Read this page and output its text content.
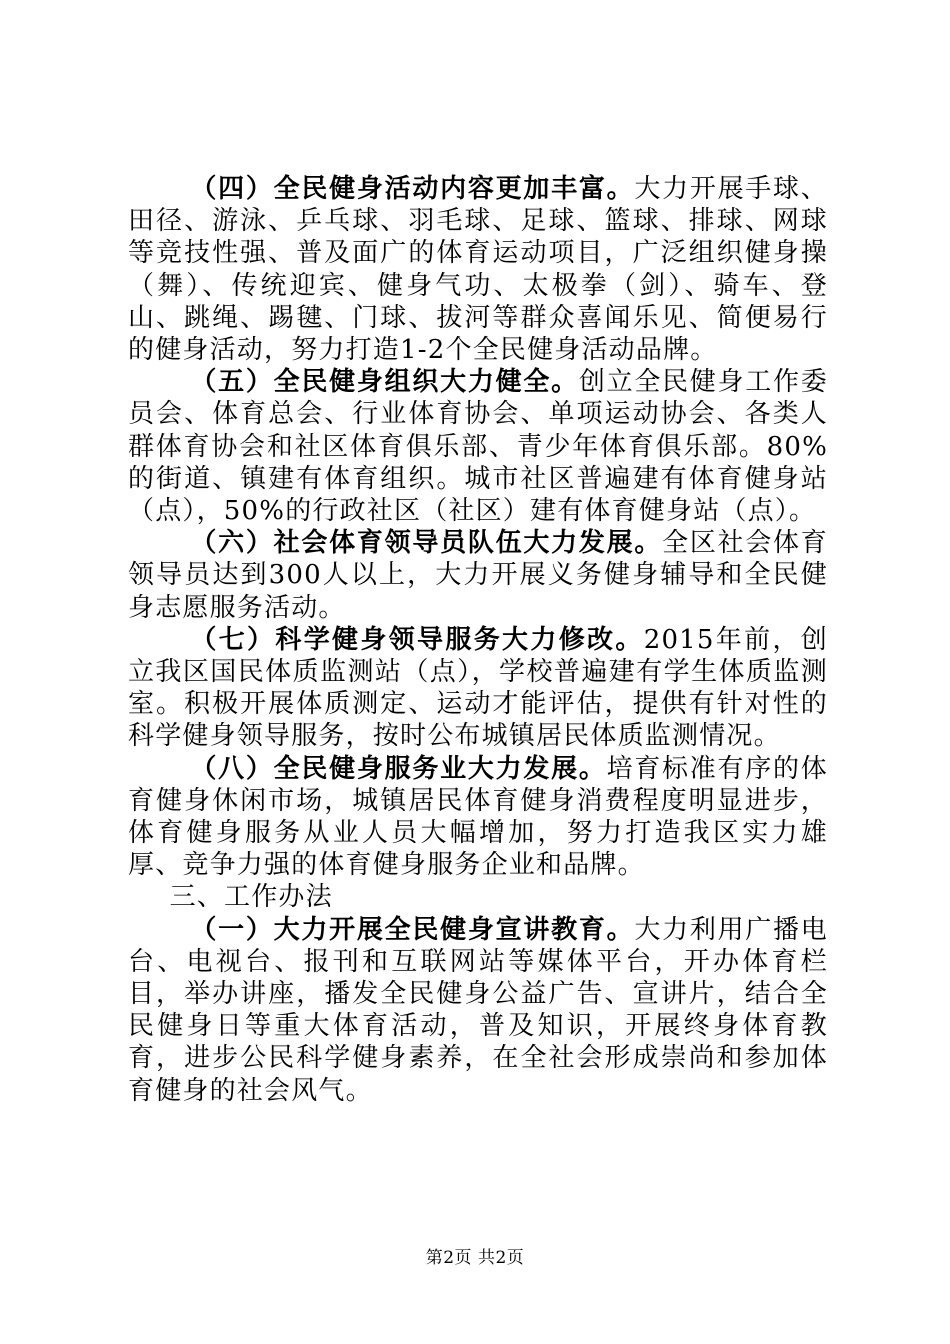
（四）全民健身活动内容更加丰富。大力开展手球、田径、游泳、乒乓球、羽毛球、足球、篮球、排球、网球等竞技性强、普及面广的体育运动项目，广泛组织健身操（舞）、传统迎宾、健身气功、太极拳（剑）、骑车、登山、跳绳、踢毽、门球、拔河等群众喜闻乐见、简便易行的健身活动，努力打造1-2个全民健身活动品牌。

（五）全民健身组织大力健全。创立全民健身工作委员会、体育总会、行业体育协会、单项运动协会、各类人群体育协会和社区体育俱乐部、青少年体育俱乐部。80%的街道、镇建有体育组织。城市社区普遍建有体育健身站（点），50%的行政社区（社区）建有体育健身站（点）。

（六）社会体育领导员队伍大力发展。全区社会体育领导员达到300人以上，大力开展义务健身辅导和全民健身志愿服务活动。

（七）科学健身领导服务大力修改。2015年前，创立我区国民体质监测站（点），学校普遍建有学生体质监测室。积极开展体质测定、运动才能评估，提供有针对性的科学健身领导服务，按时公布城镇居民体质监测情况。

（八）全民健身服务业大力发展。培育标准有序的体育健身休闲市场，城镇居民体育健身消费程度明显进步，体育健身服务从业人员大幅增加，努力打造我区实力雄厚、竞争力强的体育健身服务企业和品牌。

三、工作办法

（一）大力开展全民健身宣讲教育。大力利用广播电台、电视台、报刊和互联网站等媒体平台，开办体育栏目，举办讲座，播发全民健身公益广告、宣讲片，结合全民健身日等重大体育活动，普及知识，开展终身体育教育，进步公民科学健身素养，在全社会形成崇尚和参加体育健身的社会风气。

第2页 共2页
